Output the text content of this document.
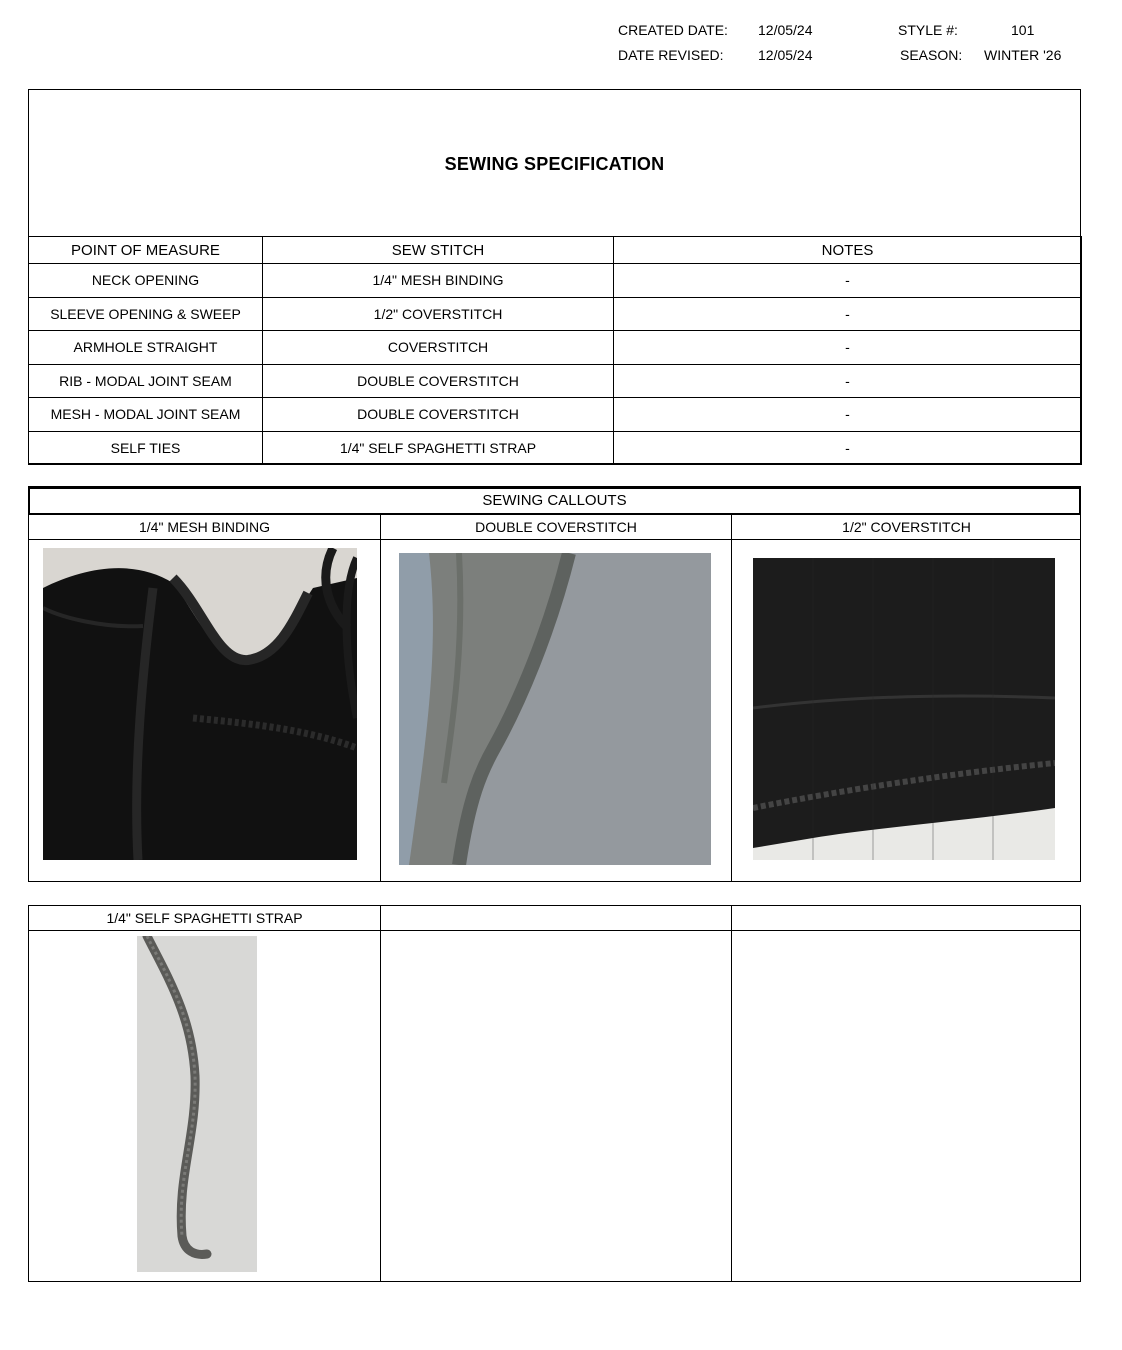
CREATED DATE: 12/05/24
DATE REVISED: 12/05/24
STYLE #:	101
SEASON: WINTER '26
SEWING SPECIFICATION
POINT OF MEASURE	SEW STITCH	NOTES
NECK OPENING	1/4" MESH BINDING	-
SLEEVE OPENING & SWEEP	1/2" COVERSTITCH	-
ARMHOLE STRAIGHT	COVERSTITCH	-
RIB - MODAL JOINT SEAM	DOUBLE COVERSTITCH	-
MESH - MODAL JOINT SEAM	DOUBLE COVERSTITCH	-
SELF TIES	1/4" SELF SPAGHETTI STRAP	-
SEWING CALLOUTS
1/4" MESH BINDING	DOUBLE COVERSTITCH	1/2" COVERSTITCH
1/4" SELF SPAGHETTI STRAP
